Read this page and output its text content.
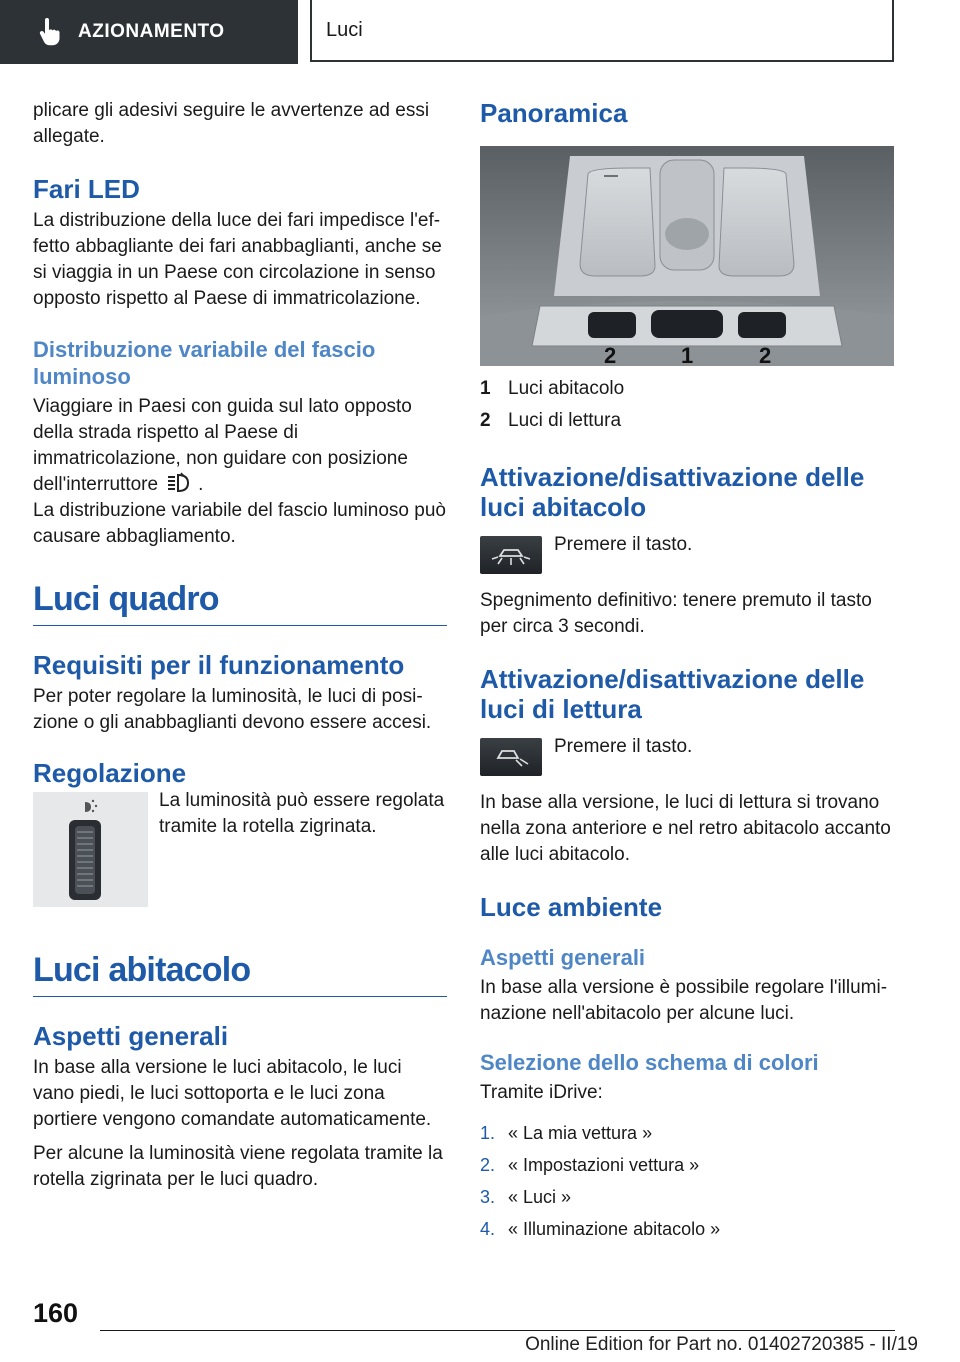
AZIONAMENTO	Luci

plicare gli adesivi seguire le avvertenze ad essi allegate.

Fari LED

La distribuzione della luce dei fari impedisce l'effetto abbagliante dei fari anabbaglianti, anche se si viaggia in un Paese con circolazione in senso opposto rispetto al Paese di immatricolazione.

Distribuzione variabile del fascio luminoso

Viaggiare in Paesi con guida sul lato opposto della strada rispetto al Paese di immatricolazione, non guidare con posizione dell'interruttore .

La distribuzione variabile del fascio luminoso può causare abbagliamento.

Luci quadro
Requisiti per il funzionamento

Per poter regolare la luminosità, le luci di posizione o gli anabbaglianti devono essere accesi.

Regolazione

La luminosità può essere regolata tramite la rotella zigrinata.

Luci abitacolo
Aspetti generali

In base alla versione le luci abitacolo, le luci vano piedi, le luci sottoporta e le luci zona portiere vengono comandate automaticamente.

Per alcune la luminosità viene regolata tramite la rotella zigrinata per le luci quadro.

Panoramica
2	1	2
1 Luci abitacolo
2 Luci di lettura
Attivazione/disattivazione delle luci abitacolo

Premere il tasto.

Spegnimento definitivo: tenere premuto il tasto per circa 3 secondi.

Attivazione/disattivazione delle luci di lettura

Premere il tasto.

In base alla versione, le luci di lettura si trovano nella zona anteriore e nel retro abitacolo accanto alle luci abitacolo.

Luce ambiente
Aspetti generali

In base alla versione è possibile regolare l'illuminazione nell'abitacolo per alcune luci.

Selezione dello schema di colori

Tramite iDrive:

1. « La mia vettura »
2. « Impostazioni vettura »
3. « Luci »
4. « Illuminazione abitacolo »
160
Online Edition for Part no. 01402720385 - II/19
